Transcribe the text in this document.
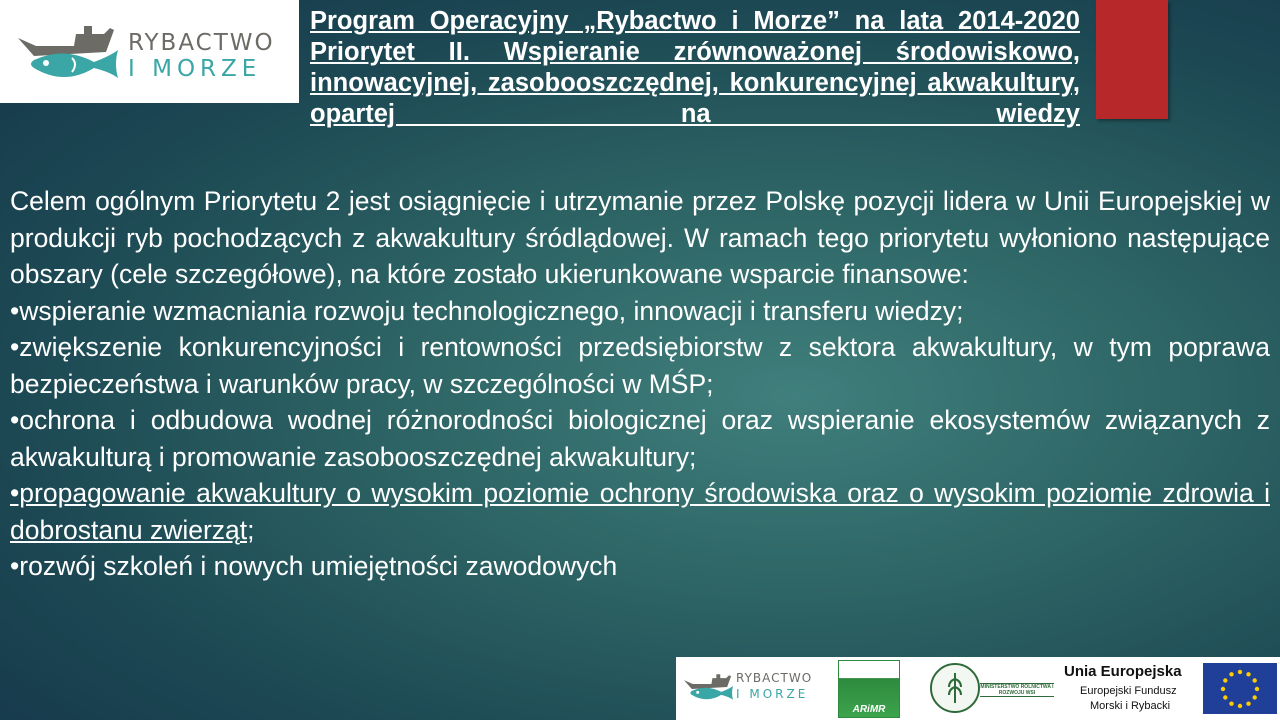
RYBACTWO
I MORZE
Program Operacyjny „Rybactwo i Morze” na lata 2014-2020 Priorytet II. Wspieranie zrównoważonej środowiskowo, innowacyjnej, zasobooszczędnej, konkurencyjnej akwakultury, opartej na wiedzy

Celem ogólnym Priorytetu 2 jest osiągnięcie i utrzymanie przez Polskę pozycji lidera w Unii Europejskiej w produkcji ryb pochodzących z akwakultury śródlądowej. W ramach tego priorytetu wyłoniono następujące obszary (cele szczegółowe), na które zostało ukierunkowane wsparcie finansowe:

•wspieranie wzmacniania rozwoju technologicznego, innowacji i transferu wiedzy;

•zwiększenie konkurencyjności i rentowności przedsiębiorstw z sektora akwakultury, w tym poprawa bezpieczeństwa i warunków pracy, w szczególności w MŚP;

•ochrona i odbudowa wodnej różnorodności biologicznej oraz wspieranie ekosystemów związanych z akwakulturą i promowanie zasobooszczędnej akwakultury;

•propagowanie akwakultury o wysokim poziomie ochrony środowiska oraz o wysokim poziomie zdrowia i dobrostanu zwierząt;

•rozwój szkoleń i nowych umiejętności zawodowych

RYBACTWO
I MORZE
ARiMR
MINISTERSTWO ROLNICTWA I ROZWOJU WSI
Unia Europejska
Europejski Fundusz
Morski i Rybacki
